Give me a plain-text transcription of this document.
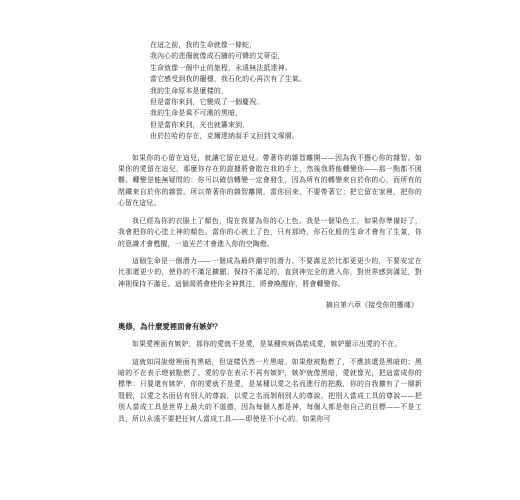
在這之前，我的生命就像一條蛇，
我內心的悲傷就像成石牆的可憐的艾蒂亞，
生命就像一個中止的旅程，永遠無法抵達神。
當它感受到我的寵穩，我石化的心再次有了生氣。
我的生命原本是麼樣的，
但是當你來到，它變成了一個慶祝。
我的生命是乘不可測的黑暗，
但是當你來到，光也就籌來到，
由於拉哈的存在，克爾達納叔手又回到文塚層。

如果你的心留在這兒，就讓它留在這兒。帶著你的雜智離開——因為我不擔心你的雜智。如果你的愛留在這兒，那麼你存在的證據將會散在我的手上，然後我將能轉變你——那一點都不困難。轉變是能無疑問的：你可以確信轉變一定會發生，因為所有的轉變來自於你的心，而所有的閉鐵來自於你的雜智。所以帶著你的雜智離開，當你回來，不要帶著它；把它留在家裡，把你的心留在這兒。

我已經為你的衣服上了顏色，現在我要為你的心上色。我是一個染色工，如果你準備好了，我會把你的心塗上神的顏色。當你的心被上了色，只有那時，你石化般的生命才會有了生氣，你的意識才會甦醒，一道光芒才會進入你的空陶燈。

這個生命是一個潛力——一個成為最終潮宇的潛力。不要滿足於比那更更少的，不要安定在比那還更少的，使你的不滿足擴顯。保持不滿足的，直到神完全的進入你，對世界感到滿足，對神則保持不滿足。這個渴將會使你全神貫注，將會喚醒你，將會轉變你。

摘自第六章《接受你的靈魂》

奧修，為什麼愛裡面會有嫉妒？

如果愛裡面有嫉妒，那你的愛就不是愛，是某種疾病偽裝成愛，嫉妒顯示出愛的不在。

這就如同說燈裡面有黑暗，但這樣仍然一片黑暗。如果燈被點燃了，不應該還是黑暗的；黑暗的不在表示燈被點燃了。愛的存在表示不再有嫉妒，嫉妒就像黑暗，愛就像光，把這當成你的標準：只要還有嫉妒，你的愛就不是愛，是某種以愛之名而進行的把戲，你的自我擴有了一層新殼假，以愛之名而佔有別人的尊說，以愛之名而剝削別人的尊說。把別人當成工具的尊說——把別人當成工具是世界上最大的不道德，因為每個人都是神，每個人都是他自己的目標——不是工具，所以永遠不要把任何人當成工具——即使是不小心的。如果你可
